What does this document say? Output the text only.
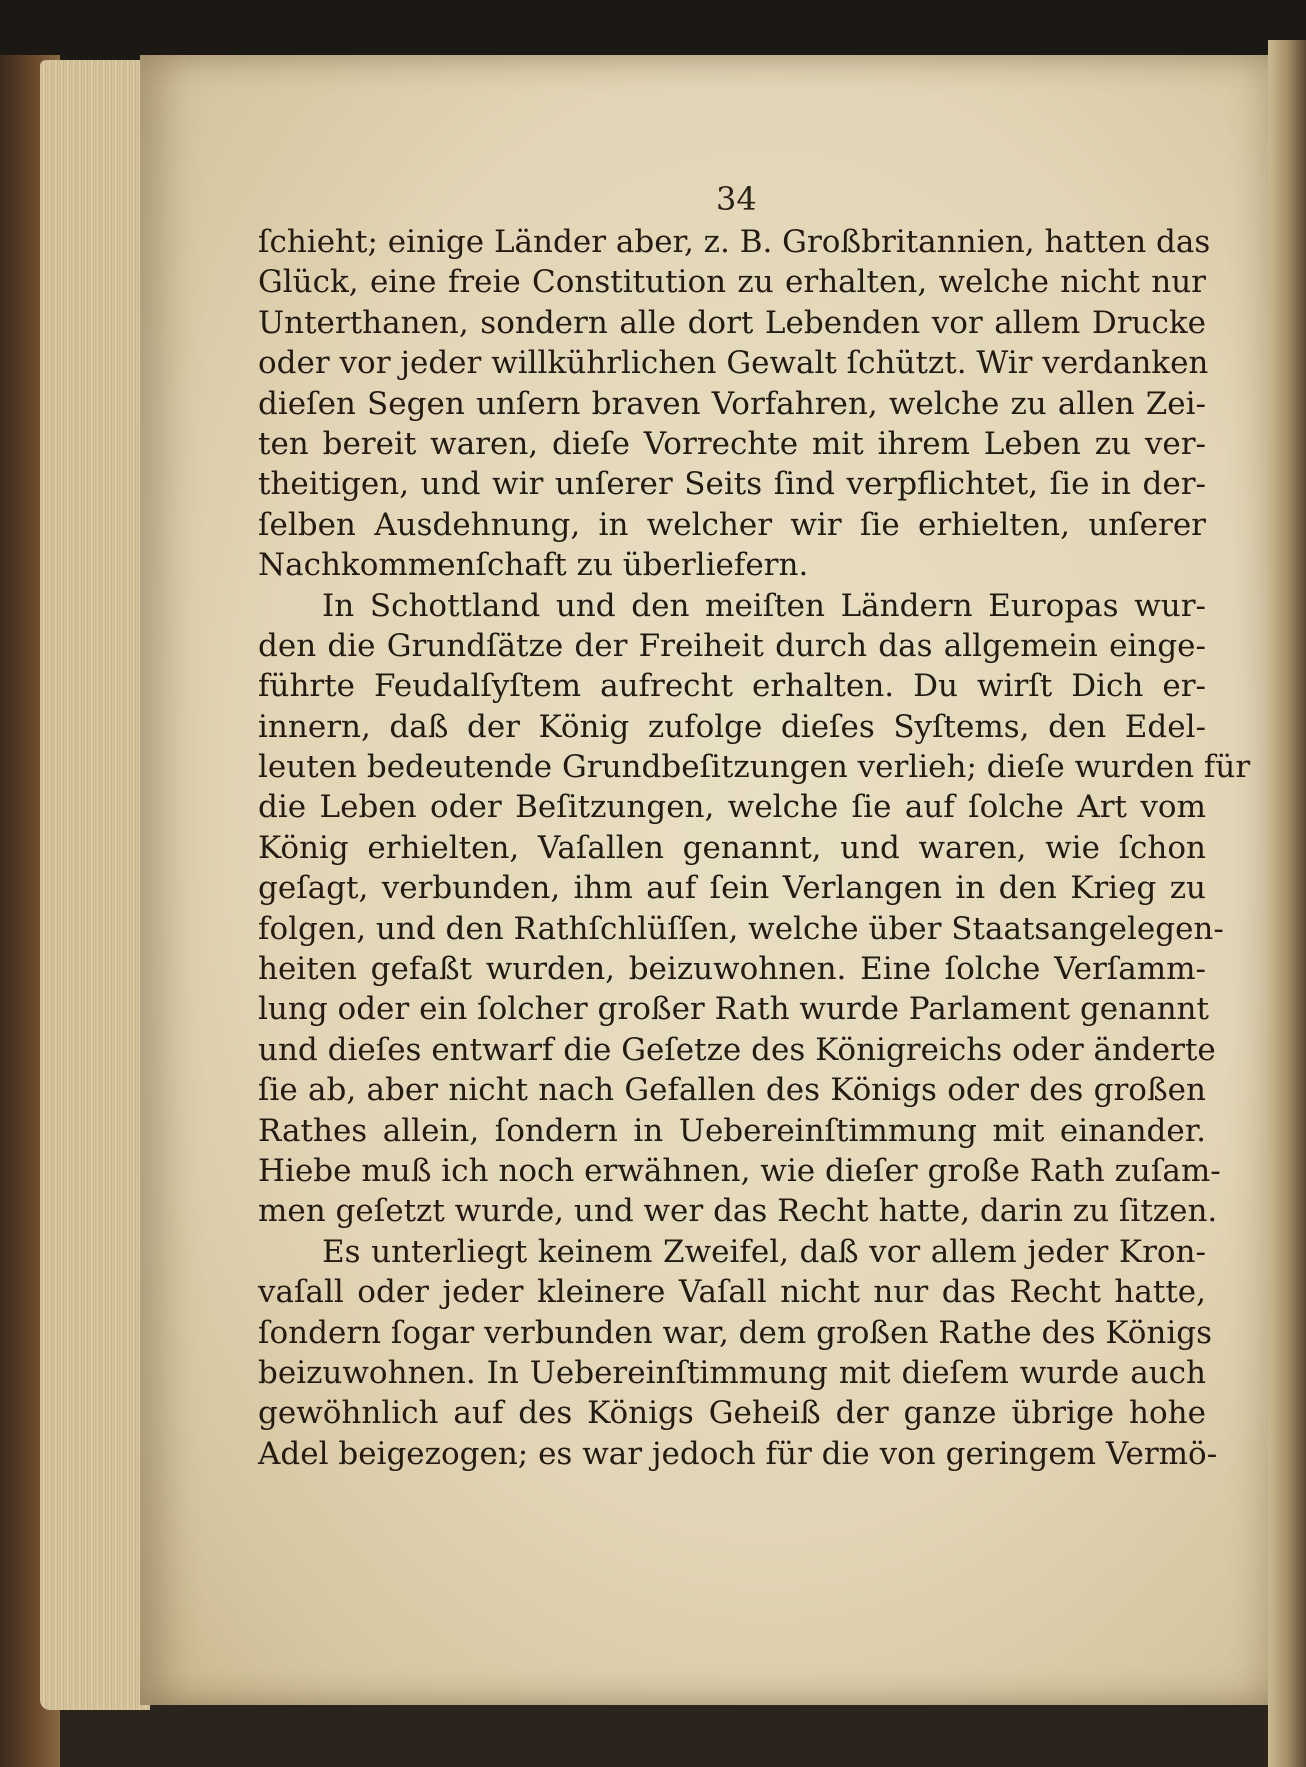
34
ſchieht; einige Länder aber, z. B. Großbritannien, hatten das
Glück, eine freie Constitution zu erhalten, welche nicht nur
Unterthanen, sondern alle dort Lebenden vor allem Drucke
oder vor jeder willkührlichen Gewalt ſchützt. Wir verdanken
dieſen Segen unſern braven Vorfahren, welche zu allen Zei-
ten bereit waren, dieſe Vorrechte mit ihrem Leben zu ver-
theitigen, und wir unſerer Seits ſind verpflichtet, ſie in der-
ſelben Ausdehnung, in welcher wir ſie erhielten, unſerer
Nachkommenſchaft zu überliefern.
In Schottland und den meiſten Ländern Europas wur-
den die Grundſätze der Freiheit durch das allgemein einge-
führte Feudalſyſtem aufrecht erhalten. Du wirſt Dich er-
innern, daß der König zufolge dieſes Syſtems, den Edel-
leuten bedeutende Grundbeſitzungen verlieh; dieſe wurden für
die Leben oder Beſitzungen, welche ſie auf ſolche Art vom
König erhielten, Vaſallen genannt, und waren, wie ſchon
geſagt, verbunden, ihm auf ſein Verlangen in den Krieg zu
folgen, und den Rathſchlüſſen, welche über Staatsangelegen-
heiten gefaßt wurden, beizuwohnen. Eine ſolche Verſamm-
lung oder ein ſolcher großer Rath wurde Parlament genannt
und dieſes entwarf die Geſetze des Königreichs oder änderte
ſie ab, aber nicht nach Gefallen des Königs oder des großen
Rathes allein, ſondern in Uebereinſtimmung mit einander.
Hiebe muß ich noch erwähnen, wie dieſer große Rath zuſam-
men geſetzt wurde, und wer das Recht hatte, darin zu ſitzen.
Es unterliegt keinem Zweifel, daß vor allem jeder Kron-
vaſall oder jeder kleinere Vaſall nicht nur das Recht hatte,
ſondern ſogar verbunden war, dem großen Rathe des Königs
beizuwohnen. In Uebereinſtimmung mit dieſem wurde auch
gewöhnlich auf des Königs Geheiß der ganze übrige hohe
Adel beigezogen; es war jedoch für die von geringem Vermö-
